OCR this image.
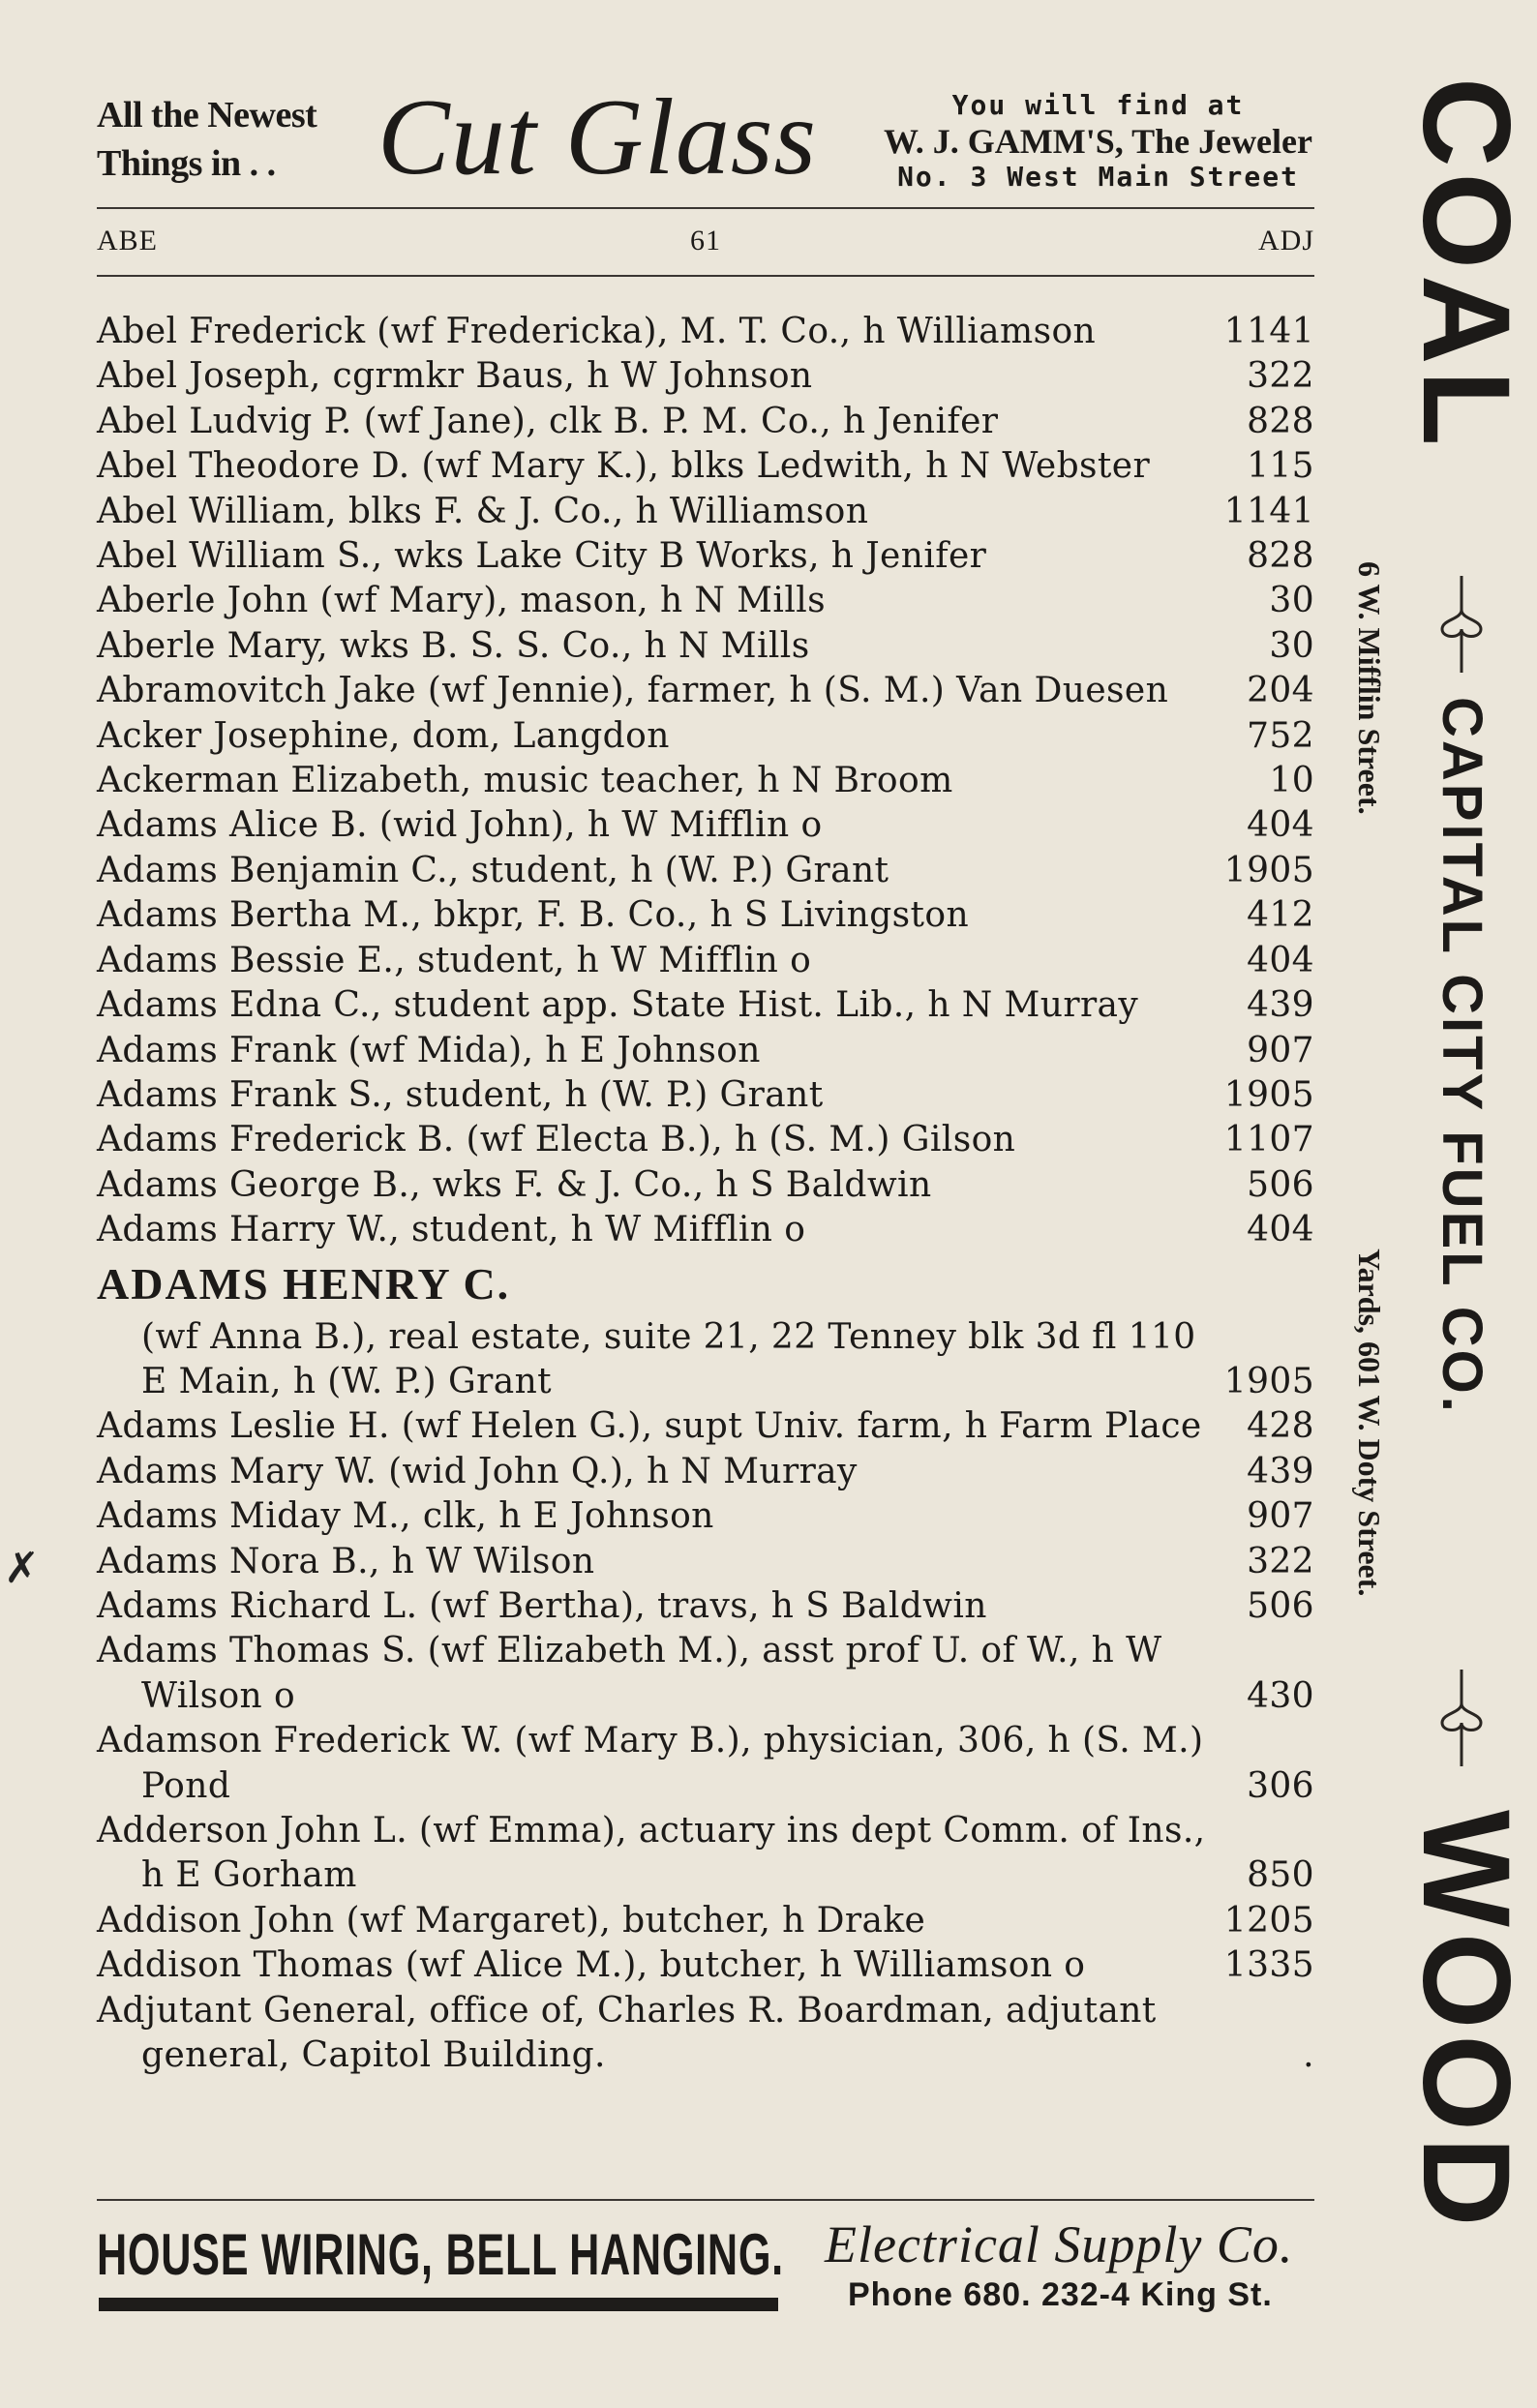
All the Newest Things in . . Cut Glass	You will find at
W. J. GAMM'S, The Jeweler
No. 3 West Main Street
ABE	61	ADJ
Abel Frederick (wf Fredericka), M. T. Co., h Williamson	1141
Abel Joseph, cgrmkr Baus, h W Johnson	322
Abel Ludvig P. (wf Jane), clk B. P. M. Co., h Jenifer	828
Abel Theodore D. (wf Mary K.), blks Ledwith, h N Webster	115
Abel William, blks F. & J. Co., h Williamson	1141
Abel William S., wks Lake City B Works, h Jenifer	828
Aberle John (wf Mary), mason, h N Mills	30
Aberle Mary, wks B. S. S. Co., h N Mills	30
Abramovitch Jake (wf Jennie), farmer, h (S. M.) Van Duesen	204
Acker Josephine, dom, Langdon	752
Ackerman Elizabeth, music teacher, h N Broom	10
Adams Alice B. (wid John), h W Mifflin o	404
Adams Benjamin C., student, h (W. P.) Grant	1905
Adams Bertha M., bkpr, F. B. Co., h S Livingston	412
Adams Bessie E., student, h W Mifflin o	404
Adams Edna C., student app. State Hist. Lib., h N Murray	439
Adams Frank (wf Mida), h E Johnson	907
Adams Frank S., student, h (W. P.) Grant	1905
Adams Frederick B. (wf Electa B.), h (S. M.) Gilson	1107
Adams George B., wks F. & J. Co., h S Baldwin	506
Adams Harry W., student, h W Mifflin o	404
ADAMS HENRY C.
(wf Anna B.), real estate, suite 21, 22 Tenney blk 3d fl 110 E Main, h (W. P.) Grant	1905
Adams Leslie H. (wf Helen G.), supt Univ. farm, h Farm Place	428
Adams Mary W. (wid John Q.), h N Murray	439
Adams Miday M., clk, h E Johnson	907
Adams Nora B., h W Wilson	322
Adams Richard L. (wf Bertha), travs, h S Baldwin	506
Adams Thomas S. (wf Elizabeth M.), asst prof U. of W., h W Wilson o	430
Adamson Frederick W. (wf Mary B.), physician, 306, h (S. M.) Pond	306
Adderson John L. (wf Emma), actuary ins dept Comm. of Ins., h E Gorham	850
Addison John (wf Margaret), butcher, h Drake	1205
Addison Thomas (wf Alice M.), butcher, h Williamson o	1335
Adjutant General, office of, Charles R. Boardman, adjutant general, Capitol Building.	.
✗
HOUSE WIRING, BELL HANGING. Electrical Supply Co.
Phone 680. 232-4 King St.
COAL
CAPITAL CITY FUEL CO.
WOOD
6 W. Mifflin Street.
Yards, 601 W. Doty Street.
